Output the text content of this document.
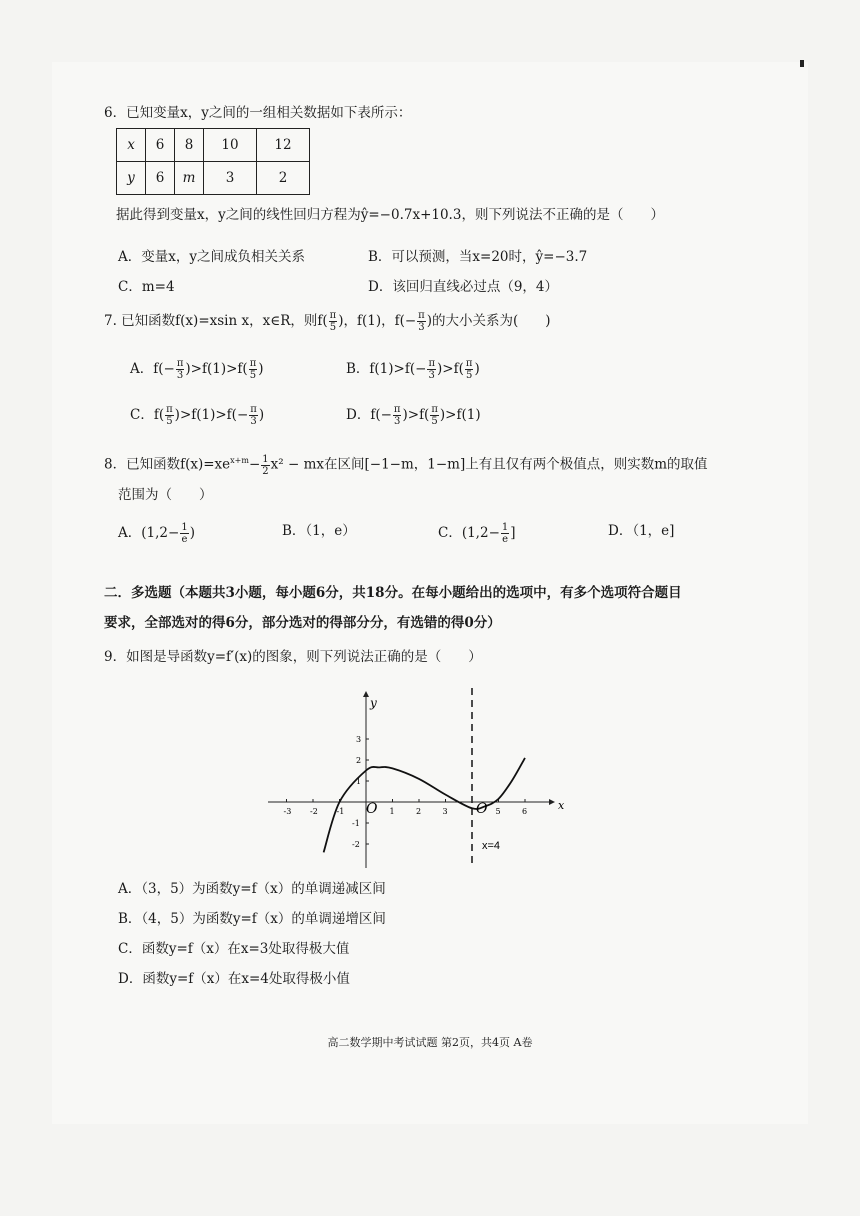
6．已知变量x，y之间的一组相关数据如下表所示：
x	6	8	10	12
y	6	m	3	2
据此得到变量x，y之间的线性回归方程为ŷ=−0.7x+10.3，则下列说法不正确的是（　　）
A．变量x，y之间成负相关关系	B．可以预测，当x=20时，ŷ=−3.7
C．m=4	D．该回归直线必过点（9，4）
7. 已知函数f(x)=xsin x，x∈R，则$f( \frac{\pi}{5}$ )，f(1)，$f(- \frac{\pi}{3}$ )的大小关系为(　　)
A．$f(- \frac{\pi}{3} )>f(1)>f( \frac{\pi}{5}$ )	B．$f(1)>f(- \frac{\pi}{3} )>f( \frac{\pi}{5}$ )
C．$f( \frac{\pi}{5} )>f(1)>f(- \frac{\pi}{3}$ )	D．$f(- \frac{\pi}{3} )>f( \frac{\pi}{5} )>f(1)$
8．已知函数$f(x)=xe^{x+m}- \frac{1}{2} x^2$ − mx在区间[−1−m，1−m]上有且仅有两个极值点，则实数m的取值
范围为（　　）
A．($1,2- \frac{1}{e}$ )	B．（1，e）	C．($1,2- \frac{1}{e}$ ]	D．（1，e]
二．多选题（本题共3小题，每小题6分，共18分。在每小题给出的选项中，有多个选项符合题目
要求，全部选对的得6分，部分选对的得部分分，有选错的得0分）
9．如图是导函数y=f′(x)的图象，则下列说法正确的是（　　）
-3 -2 -1	1	2	3	5	6
3
2
1
-1
-2
x
y
O	O
x=4
A．（3，5）为函数y=f（x）的单调递减区间
B．（4，5）为函数y=f（x）的单调递增区间
C．函数y=f（x）在x=3处取得极大值
D．函数y=f（x）在x=4处取得极小值
高二数学期中考试试题 第2页，共4页 A卷
